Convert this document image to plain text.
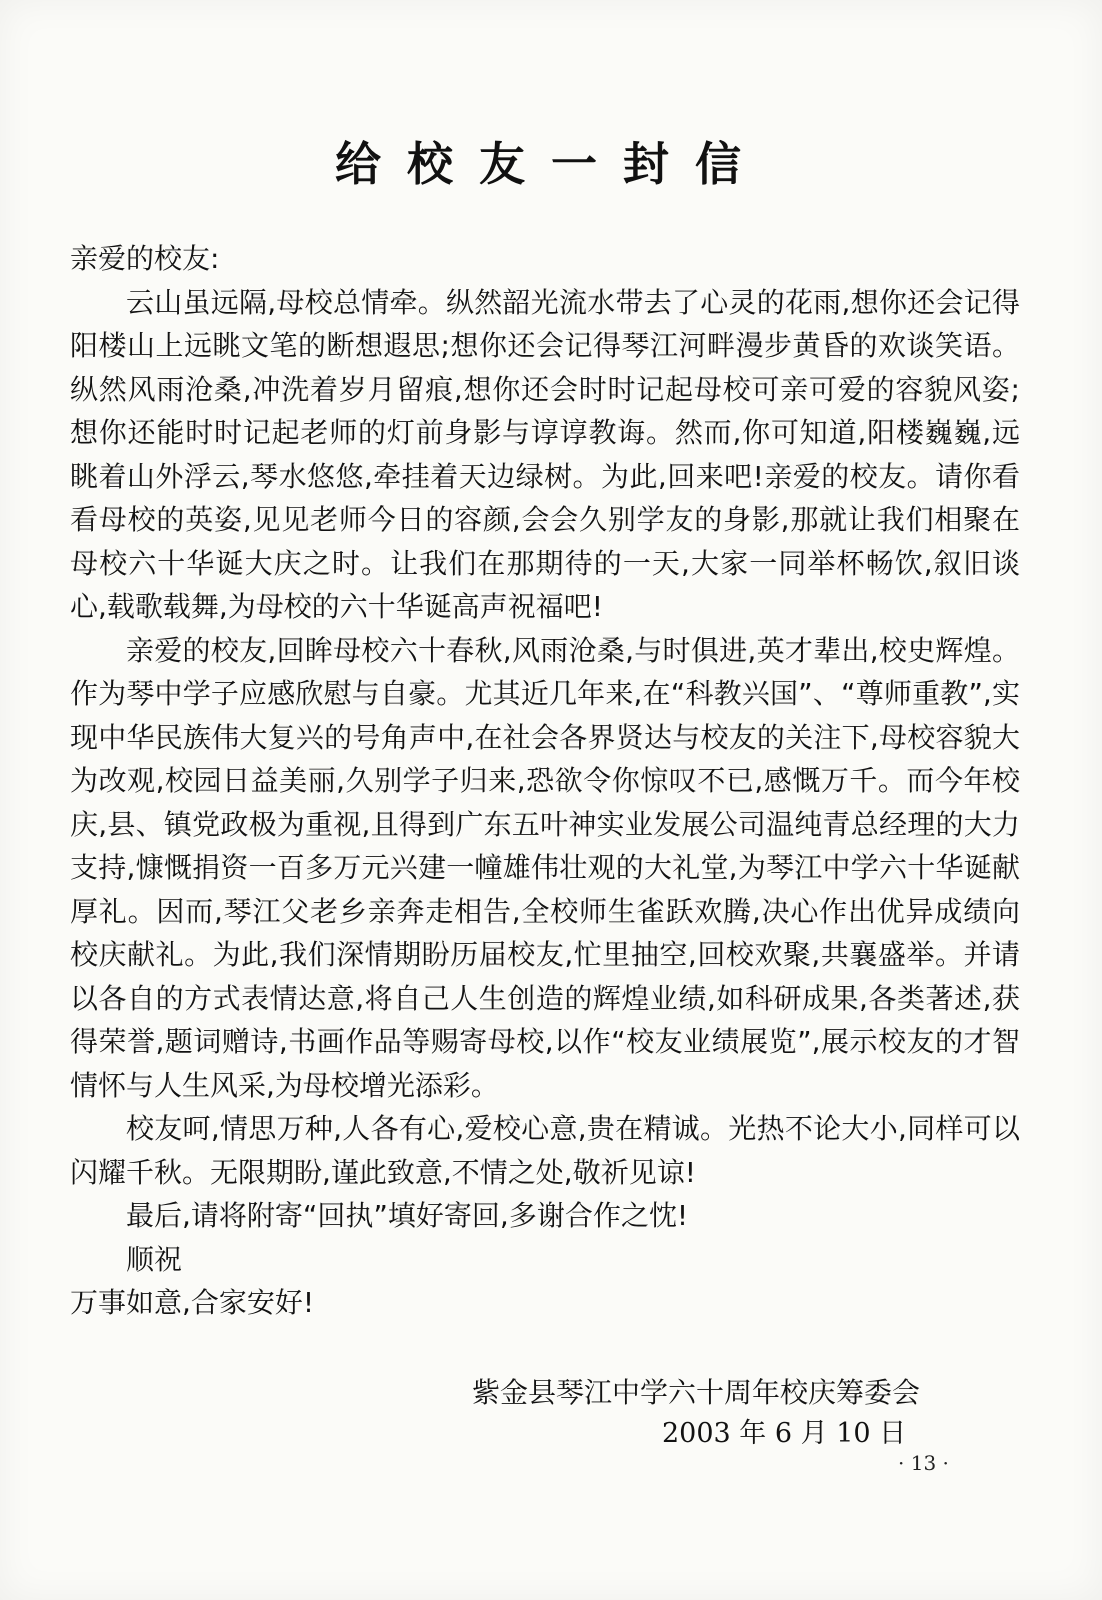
给校友一封信

亲爱的校友:

云山虽远隔,母校总情牵。纵然韶光流水带去了心灵的花雨,想你还会记得阳楼山上远眺文笔的断想遐思;想你还会记得琴江河畔漫步黄昏的欢谈笑语。纵然风雨沧桑,冲洗着岁月留痕,想你还会时时记起母校可亲可爱的容貌风姿;想你还能时时记起老师的灯前身影与谆谆教诲。然而,你可知道,阳楼巍巍,远眺着山外浮云,琴水悠悠,牵挂着天边绿树。为此,回来吧!亲爱的校友。请你看看母校的英姿,见见老师今日的容颜,会会久别学友的身影,那就让我们相聚在母校六十华诞大庆之时。让我们在那期待的一天,大家一同举杯畅饮,叙旧谈心,载歌载舞,为母校的六十华诞高声祝福吧!

亲爱的校友,回眸母校六十春秋,风雨沧桑,与时俱进,英才辈出,校史辉煌。作为琴中学子应感欣慰与自豪。尤其近几年来,在“科教兴国”、“尊师重教”,实现中华民族伟大复兴的号角声中,在社会各界贤达与校友的关注下,母校容貌大为改观,校园日益美丽,久别学子归来,恐欲令你惊叹不已,感慨万千。而今年校庆,县、镇党政极为重视,且得到广东五叶神实业发展公司温纯青总经理的大力支持,慷慨捐资一百多万元兴建一幢雄伟壮观的大礼堂,为琴江中学六十华诞献厚礼。因而,琴江父老乡亲奔走相告,全校师生雀跃欢腾,决心作出优异成绩向校庆献礼。为此,我们深情期盼历届校友,忙里抽空,回校欢聚,共襄盛举。并请以各自的方式表情达意,将自己人生创造的辉煌业绩,如科研成果,各类著述,获得荣誉,题词赠诗,书画作品等赐寄母校,以作“校友业绩展览”,展示校友的才智情怀与人生风采,为母校增光添彩。

校友呵,情思万种,人各有心,爱校心意,贵在精诚。光热不论大小,同样可以闪耀千秋。无限期盼,谨此致意,不情之处,敬祈见谅!

最后,请将附寄“回执”填好寄回,多谢合作之忱!

顺祝

万事如意,合家安好!

紫金县琴江中学六十周年校庆筹委会
2003 年 6 月 10 日
· 13 ·
